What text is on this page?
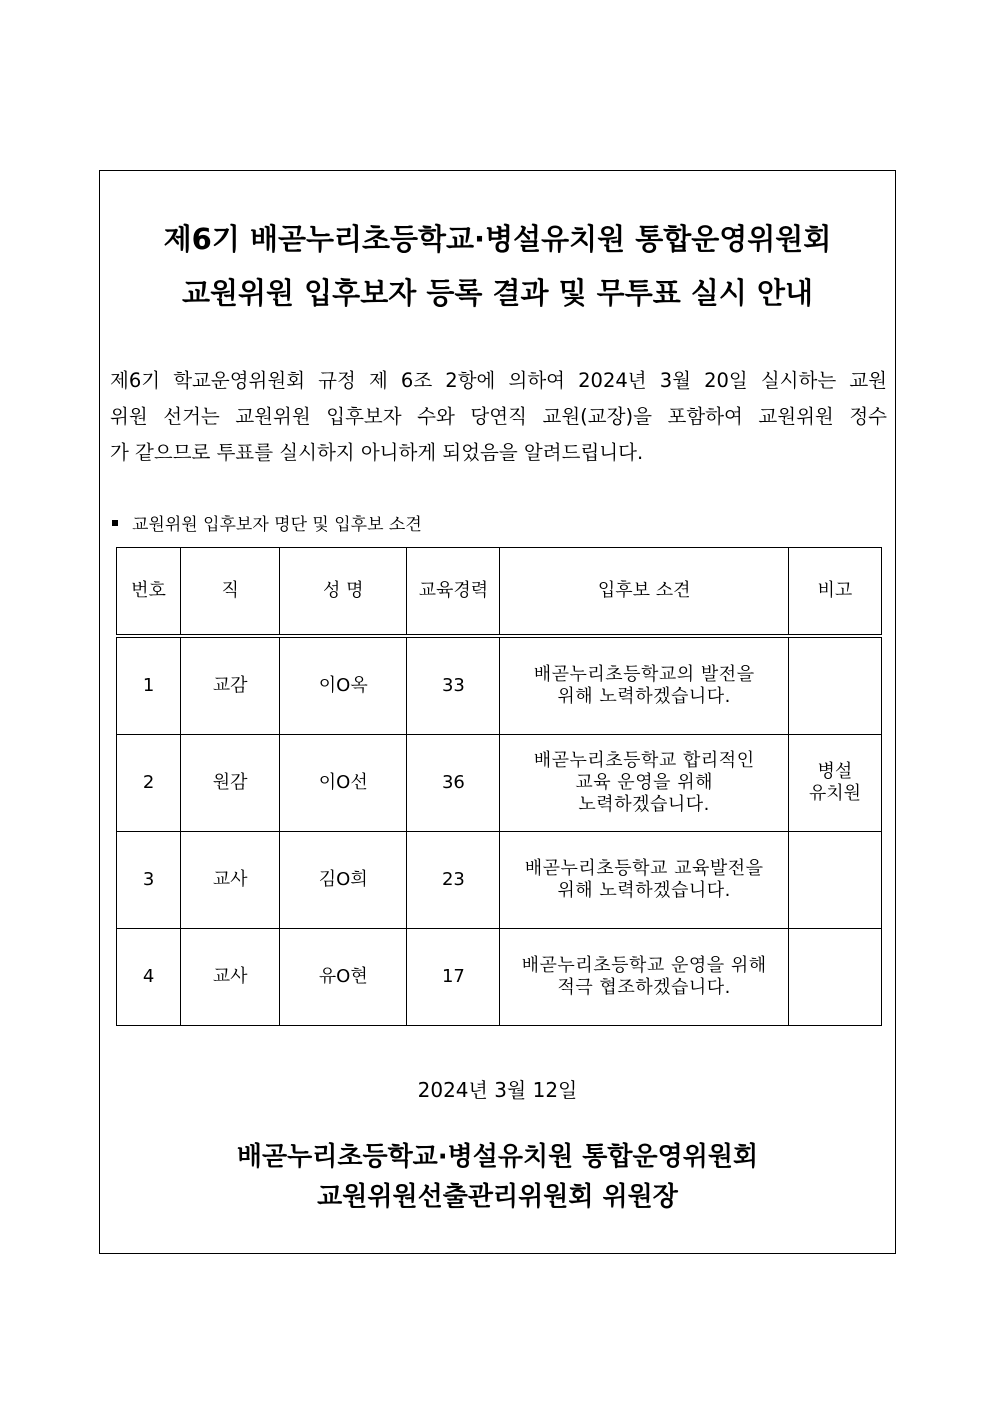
제6기 배곧누리초등학교·병설유치원 통합운영위원회
교원위원 입후보자 등록 결과 및 무투표 실시 안내
제6기 학교운영위원회 규정 제 6조 2항에 의하여 2024년 3월 20일 실시하는 교원
위원 선거는 교원위원 입후보자 수와 당연직 교원(교장)을 포함하여 교원위원 정수
가 같으므로 투표를 실시하지 아니하게 되었음을 알려드립니다.
교원위원 입후보자 명단 및 입후보 소견
번호	직	성 명	교육경력	입후보 소견	비고
1	교감	이O옥	33	배곧누리초등학교의 발전을
위해 노력하겠습니다.	
2	원감	이O선	36	배곧누리초등학교 합리적인
교육 운영을 위해
노력하겠습니다.	병설
유치원
3	교사	김O희	23	배곧누리초등학교 교육발전을
위해 노력하겠습니다.	
4	교사	유O현	17	배곧누리초등학교 운영을 위해
적극 협조하겠습니다.	
2024년 3월 12일
배곧누리초등학교·병설유치원 통합운영위원회
교원위원선출관리위원회 위원장
